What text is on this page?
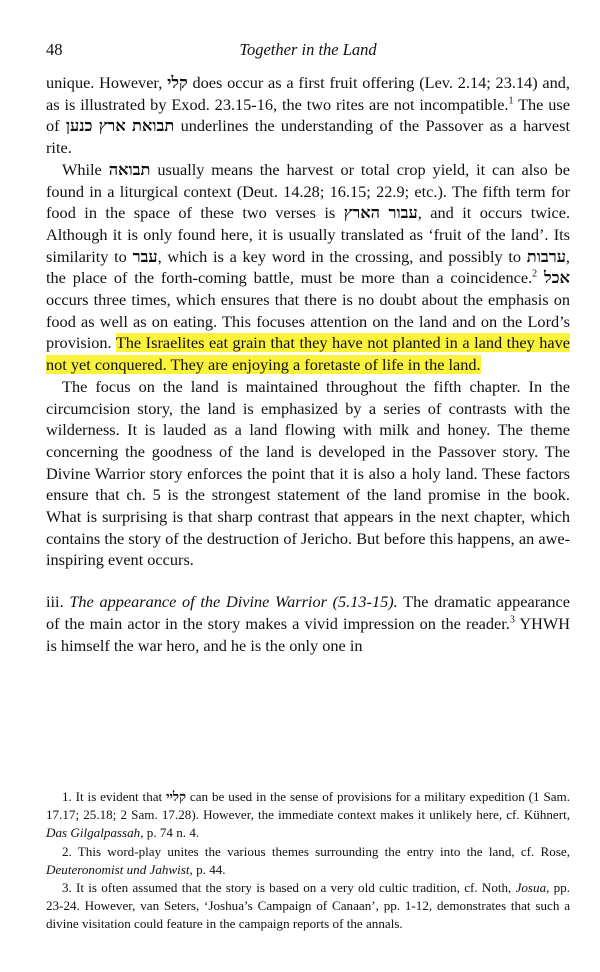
48	Together in the Land

unique. However, קלי does occur as a first fruit offering (Lev. 2.14; 23.14) and, as is illustrated by Exod. 23.15-16, the two rites are not incompatible.$^1$ The use of תבואת ארץ כנען underlines the understanding of the Passover as a harvest rite.

While תבואה usually means the harvest or total crop yield, it can also be found in a liturgical context (Deut. 14.28; 16.15; 22.9; etc.). The fifth term for food in the space of these two verses is עבור הארץ, and it occurs twice. Although it is only found here, it is usually translated as ‘fruit of the land’. Its similarity to עבר, which is a key word in the crossing, and possibly to ערבות, the place of the forth-coming battle, must be more than a coincidence.$^2$ אכל occurs three times, which ensures that there is no doubt about the emphasis on food as well as on eating. This focuses attention on the land and on the Lord’s provision. The Israelites eat grain that they have not planted in a land they have not yet conquered. They are enjoying a foretaste of life in the land.

The focus on the land is maintained throughout the fifth chapter. In the circumcision story, the land is emphasized by a series of contrasts with the wilderness. It is lauded as a land flowing with milk and honey. The theme concerning the goodness of the land is developed in the Passover story. The Divine Warrior story enforces the point that it is also a holy land. These factors ensure that ch. 5 is the strongest statement of the land promise in the book. What is surprising is that sharp contrast that appears in the next chapter, which contains the story of the destruction of Jericho. But before this happens, an awe-inspiring event occurs.

iii. The appearance of the Divine Warrior (5.13-15). The dramatic appearance of the main actor in the story makes a vivid impression on the reader.$^3$ YHWH is himself the war hero, and he is the only one in

1. It is evident that קליי can be used in the sense of provisions for a military expedition (1 Sam. 17.17; 25.18; 2 Sam. 17.28). However, the immediate context makes it unlikely here, cf. Kühnert, Das Gilgalpassah, p. 74 n. 4.

2. This word-play unites the various themes surrounding the entry into the land, cf. Rose, Deuteronomist und Jahwist, p. 44.

3. It is often assumed that the story is based on a very old cultic tradition, cf. Noth, Josua, pp. 23-24. However, van Seters, ‘Joshua’s Campaign of Canaan’, pp. 1-12, demonstrates that such a divine visitation could feature in the campaign reports of the annals.
